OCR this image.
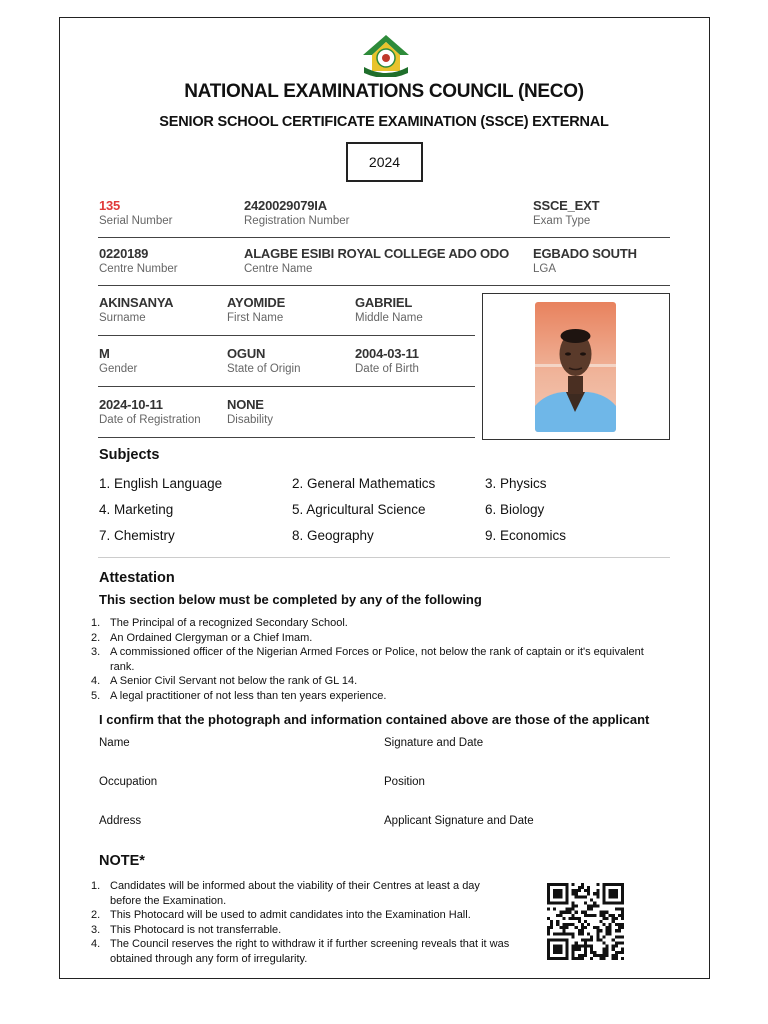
NATIONAL EXAMINATIONS COUNCIL (NECO)
SENIOR SCHOOL CERTIFICATE EXAMINATION (SSCE) EXTERNAL
2024
135
Serial Number
2420029079IA
Registration Number
SSCE_EXT
Exam Type
0220189
Centre Number
ALAGBE ESIBI ROYAL COLLEGE ADO ODO
Centre Name
EGBADO SOUTH
LGA
AKINSANYA
Surname
AYOMIDE
First Name
GABRIEL
Middle Name
M
Gender
OGUN
State of Origin
2004-03-11
Date of Birth
2024-10-11
Date of Registration
NONE
Disability
Subjects
1. English Language	2. General Mathematics	3. Physics
4. Marketing	5. Agricultural Science	6. Biology
7. Chemistry	8. Geography	9. Economics
Attestation
This section below must be completed by any of the following
The Principal of a recognized Secondary School.
An Ordained Clergyman or a Chief Imam.
A commissioned officer of the Nigerian Armed Forces or Police, not below the rank of captain or it's equivalent rank.
A Senior Civil Servant not below the rank of GL 14.
A legal practitioner of not less than ten years experience.
I confirm that the photograph and information contained above are those of the applicant
Name	Signature and Date
Occupation	Position
Address	Applicant Signature and Date
NOTE*
Candidates will be informed about the viability of their Centres at least a day before the Examination.
This Photocard will be used to admit candidates into the Examination Hall.
This Photocard is not transferrable.
The Council reserves the right to withdraw it if further screening reveals that it was obtained through any form of irregularity.
